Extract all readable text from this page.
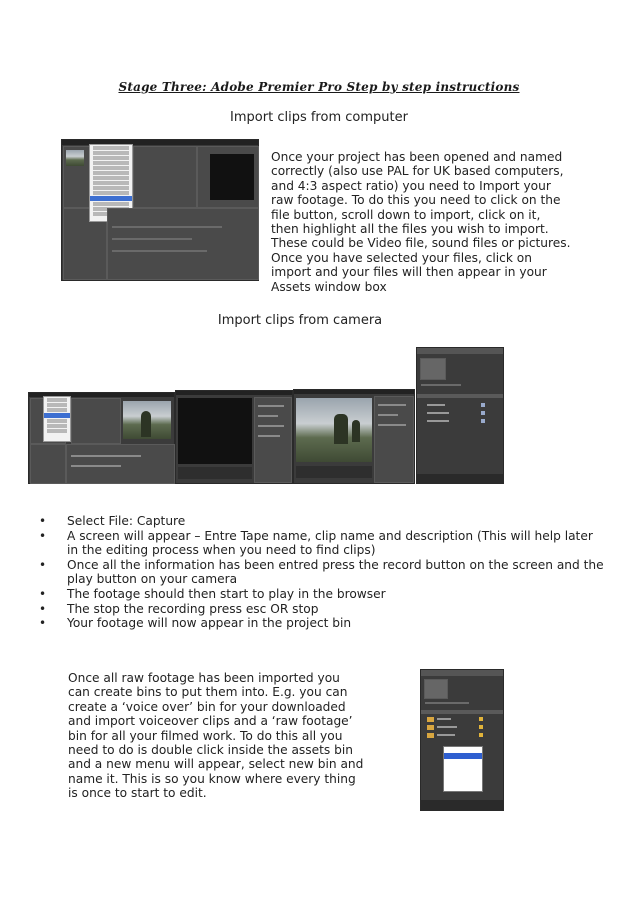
Stage Three: Adobe Premier Pro Step by step instructions
Import clips from computer
Once your project has been opened and named correctly (also use PAL for UK based computers, and 4:3 aspect ratio) you need to Import your raw footage. To do this you need to click on the file button, scroll down to import, click on it, then highlight all the files you wish to import. These could be Video file, sound files or pictures. Once you have selected your files, click on import and your files will then appear in your Assets window box
Import clips from camera
• Select File: Capture
• A screen will appear – Entre Tape name, clip name and description (This will help later in the editing process when you need to find clips)
• Once all the information has been entred press the record button on the screen and the play button on your camera
• The footage should then start to play in the browser
• The stop the recording press esc OR stop
• Your footage will now appear in the project bin
Once all raw footage has been imported you can create bins to put them into. E.g. you can create a ‘voice over’ bin for your downloaded and import voiceover clips and a ‘raw footage’ bin for all your filmed work. To do this all you need to do is double click inside the assets bin and a new menu will appear, select new bin and name it. This is so you know where every thing is once to start to edit.
